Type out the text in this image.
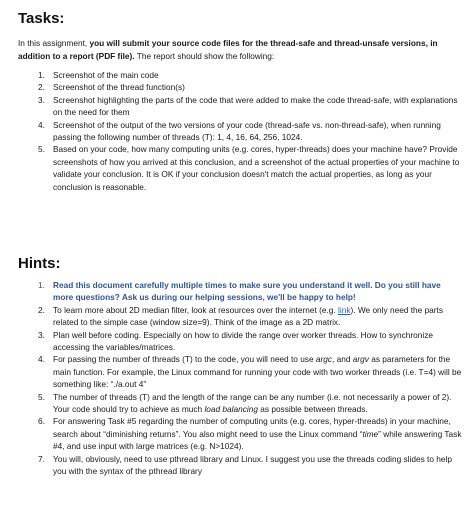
Tasks:

In this assignment, you will submit your source code files for the thread-safe and thread-unsafe versions, in addition to a report (PDF file). The report should show the following:

1. Screenshot of the main code
2. Screenshot of the thread function(s)
3. Screenshot highlighting the parts of the code that were added to make the code thread-safe, with explanations on the need for them
4. Screenshot of the output of the two versions of your code (thread-safe vs. non-thread-safe), when running passing the following number of threads (T): 1, 4, 16, 64, 256, 1024.
5. Based on your code, how many computing units (e.g. cores, hyper-threads) does your machine have? Provide screenshots of how you arrived at this conclusion, and a screenshot of the actual properties of your machine to validate your conclusion. It is OK if your conclusion doesn't match the actual properties, as long as your conclusion is reasonable.
Hints:
1. Read this document carefully multiple times to make sure you understand it well. Do you still have more questions? Ask us during our helping sessions, we'll be happy to help!
2. To learn more about 2D median filter, look at resources over the internet (e.g. link). We only need the parts related to the simple case (window size=9). Think of the image as a 2D matrix.
3. Plan well before coding. Especially on how to divide the range over worker threads. How to synchronize accessing the variables/matrices.
4. For passing the number of threads (T) to the code, you will need to use argc, and argv as parameters for the main function. For example, the Linux command for running your code with two worker threads (i.e. T=4) will be something like: “./a.out 4”
5. The number of threads (T) and the length of the range can be any number (i.e. not necessarily a power of 2). Your code should try to achieve as much load balancing as possible between threads.
6. For answering Task #5 regarding the number of computing units (e.g. cores, hyper-threads) in your machine, search about “diminishing returns”. You also might need to use the Linux command “time” while answering Task #4, and use input with large matrices (e.g. N>1024).
7. You will, obviously, need to use pthread library and Linux. I suggest you use the threads coding slides to help you with the syntax of the pthread library
